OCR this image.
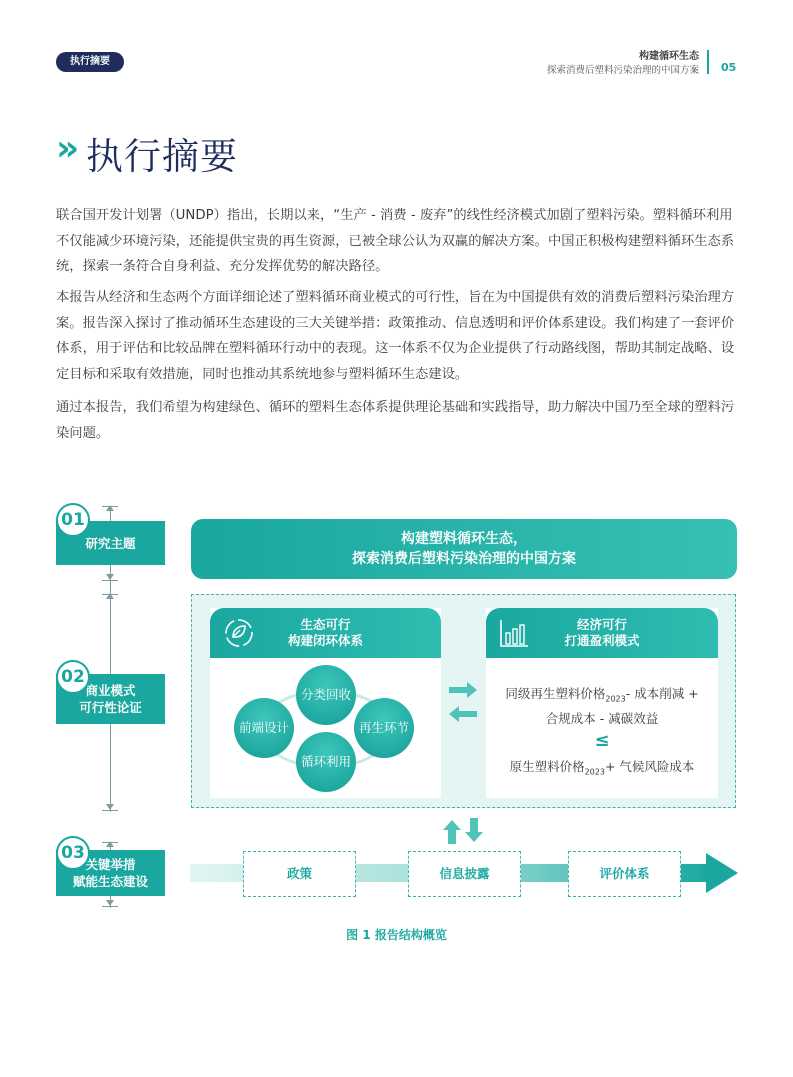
执行摘要	构建循环生态
探索消费后塑料污染治理的中国方案 05
» 执行摘要

联合国开发计划署（UNDP）指出，长期以来，“生产 - 消费 - 废弃”的线性经济模式加剧了塑料污染。塑料循环利用不仅能减少环境污染，还能提供宝贵的再生资源，已被全球公认为双赢的解决方案。中国正积极构建塑料循环生态系统，探索一条符合自身利益、充分发挥优势的解决路径。

本报告从经济和生态两个方面详细论述了塑料循环商业模式的可行性，旨在为中国提供有效的消费后塑料污染治理方案。报告深入探讨了推动循环生态建设的三大关键举措：政策推动、信息透明和评价体系建设。我们构建了一套评价体系，用于评估和比较品牌在塑料循环行动中的表现。这一体系不仅为企业提供了行动路线图，帮助其制定战略、设定目标和采取有效措施，同时也推动其系统地参与塑料循环生态建设。

通过本报告，我们希望为构建绿色、循环的塑料生态体系提供理论基础和实践指导，助力解决中国乃至全球的塑料污染问题。

研究主题
01
商业模式
可行性论证
02
关键举措
赋能生态建设
03
构建塑料循环生态，
探索消费后塑料污染治理的中国方案
生态可行
构建闭环体系
分类回收
前端设计	再生环节
循环利用
经济可行
打通盈利模式
同级再生塑料价格$_{2023}$- 成本削减 +
合规成本 - 减碳效益
≤
原生塑料价格$_{2023}$+ 气候风险成本
政策	信息披露	评价体系
图 1 报告结构概览
